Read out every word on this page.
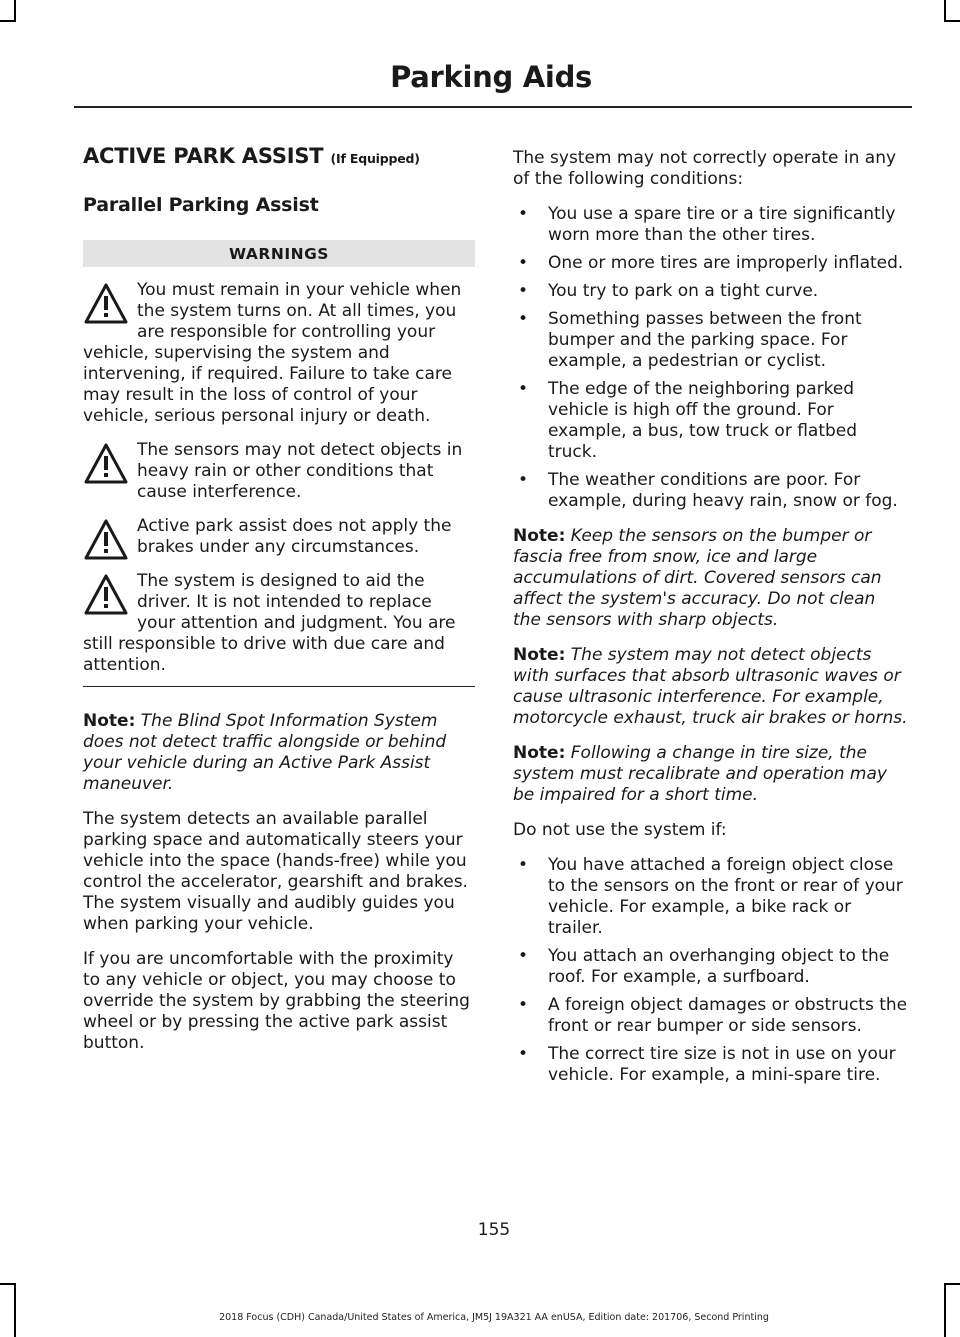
Parking Aids
ACTIVE PARK ASSIST (If Equipped)
Parallel Parking Assist
WARNINGS

You must remain in your vehicle when the system turns on. At all times, you are responsible for controlling your vehicle, supervising the system and intervening, if required. Failure to take care may result in the loss of control of your vehicle, serious personal injury or death.

The sensors may not detect objects in heavy rain or other conditions that cause interference.

Active park assist does not apply the brakes under any circumstances.

The system is designed to aid the driver. It is not intended to replace your attention and judgment. You are still responsible to drive with due care and attention.

Note: The Blind Spot Information System does not detect traffic alongside or behind your vehicle during an Active Park Assist maneuver.

The system detects an available parallel parking space and automatically steers your vehicle into the space (hands-free) while you control the accelerator, gearshift and brakes. The system visually and audibly guides you when parking your vehicle.

If you are uncomfortable with the proximity to any vehicle or object, you may choose to override the system by grabbing the steering wheel or by pressing the active park assist button.

The system may not correctly operate in any of the following conditions:

• You use a spare tire or a tire significantly worn more than the other tires.
• One or more tires are improperly inflated.
• You try to park on a tight curve.
• Something passes between the front bumper and the parking space. For example, a pedestrian or cyclist.
• The edge of the neighboring parked vehicle is high off the ground. For example, a bus, tow truck or flatbed truck.
• The weather conditions are poor. For example, during heavy rain, snow or fog.

Note: Keep the sensors on the bumper or fascia free from snow, ice and large accumulations of dirt. Covered sensors can affect the system's accuracy. Do not clean the sensors with sharp objects.

Note: The system may not detect objects with surfaces that absorb ultrasonic waves or cause ultrasonic interference. For example, motorcycle exhaust, truck air brakes or horns.

Note: Following a change in tire size, the system must recalibrate and operation may be impaired for a short time.

Do not use the system if:

• You have attached a foreign object close to the sensors on the front or rear of your vehicle. For example, a bike rack or trailer.
• You attach an overhanging object to the roof. For example, a surfboard.
• A foreign object damages or obstructs the front or rear bumper or side sensors.
• The correct tire size is not in use on your vehicle. For example, a mini-spare tire.
155
2018 Focus (CDH) Canada/United States of America, JM5J 19A321 AA enUSA, Edition date: 201706, Second Printing
